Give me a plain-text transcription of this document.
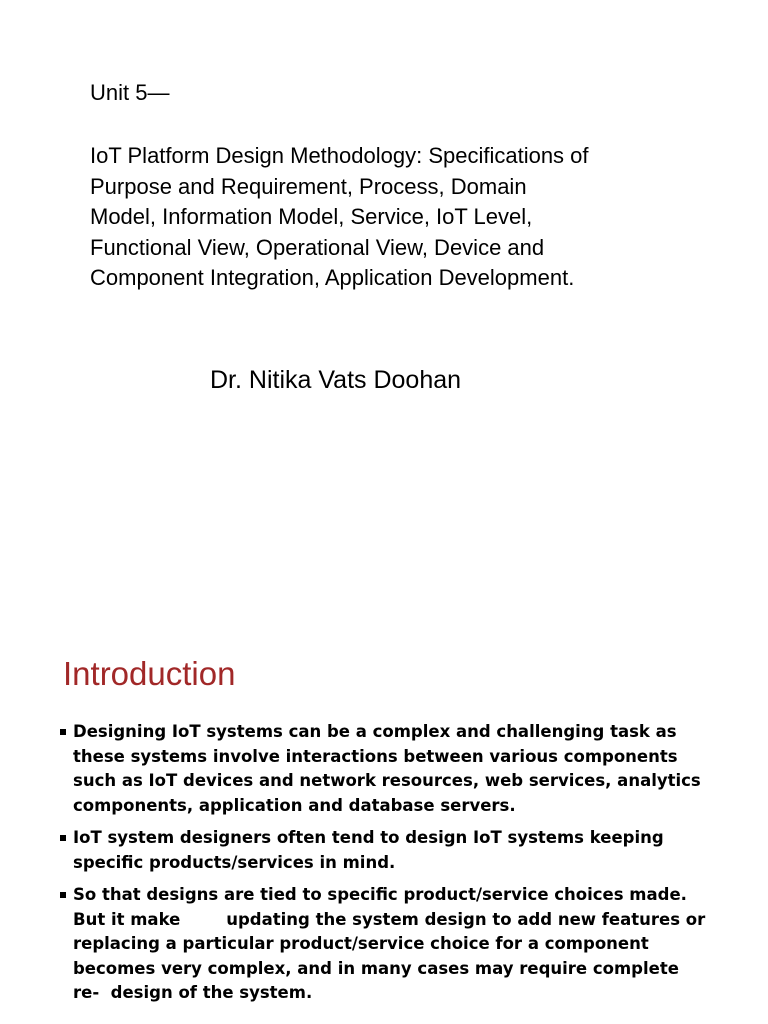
Unit 5—

IoT Platform Design Methodology: Specifications of
Purpose and Requirement, Process, Domain
Model, Information Model, Service, IoT Level,
Functional View, Operational View, Device and
Component Integration, Application Development.

Dr. Nitika Vats Doohan
Introduction
Designing IoT systems can be a complex and challenging task as
these systems involve interactions between various components
such as IoT devices and network resources, web services, analytics
components, application and database servers.
IoT system designers often tend to design IoT systems keeping
specific products/services in mind.
So that designs are tied to specific product/service choices made.
But it make        updating the system design to add new features or
replacing a particular product/service choice for a component
becomes very complex, and in many cases may require complete
re-  design of the system.
